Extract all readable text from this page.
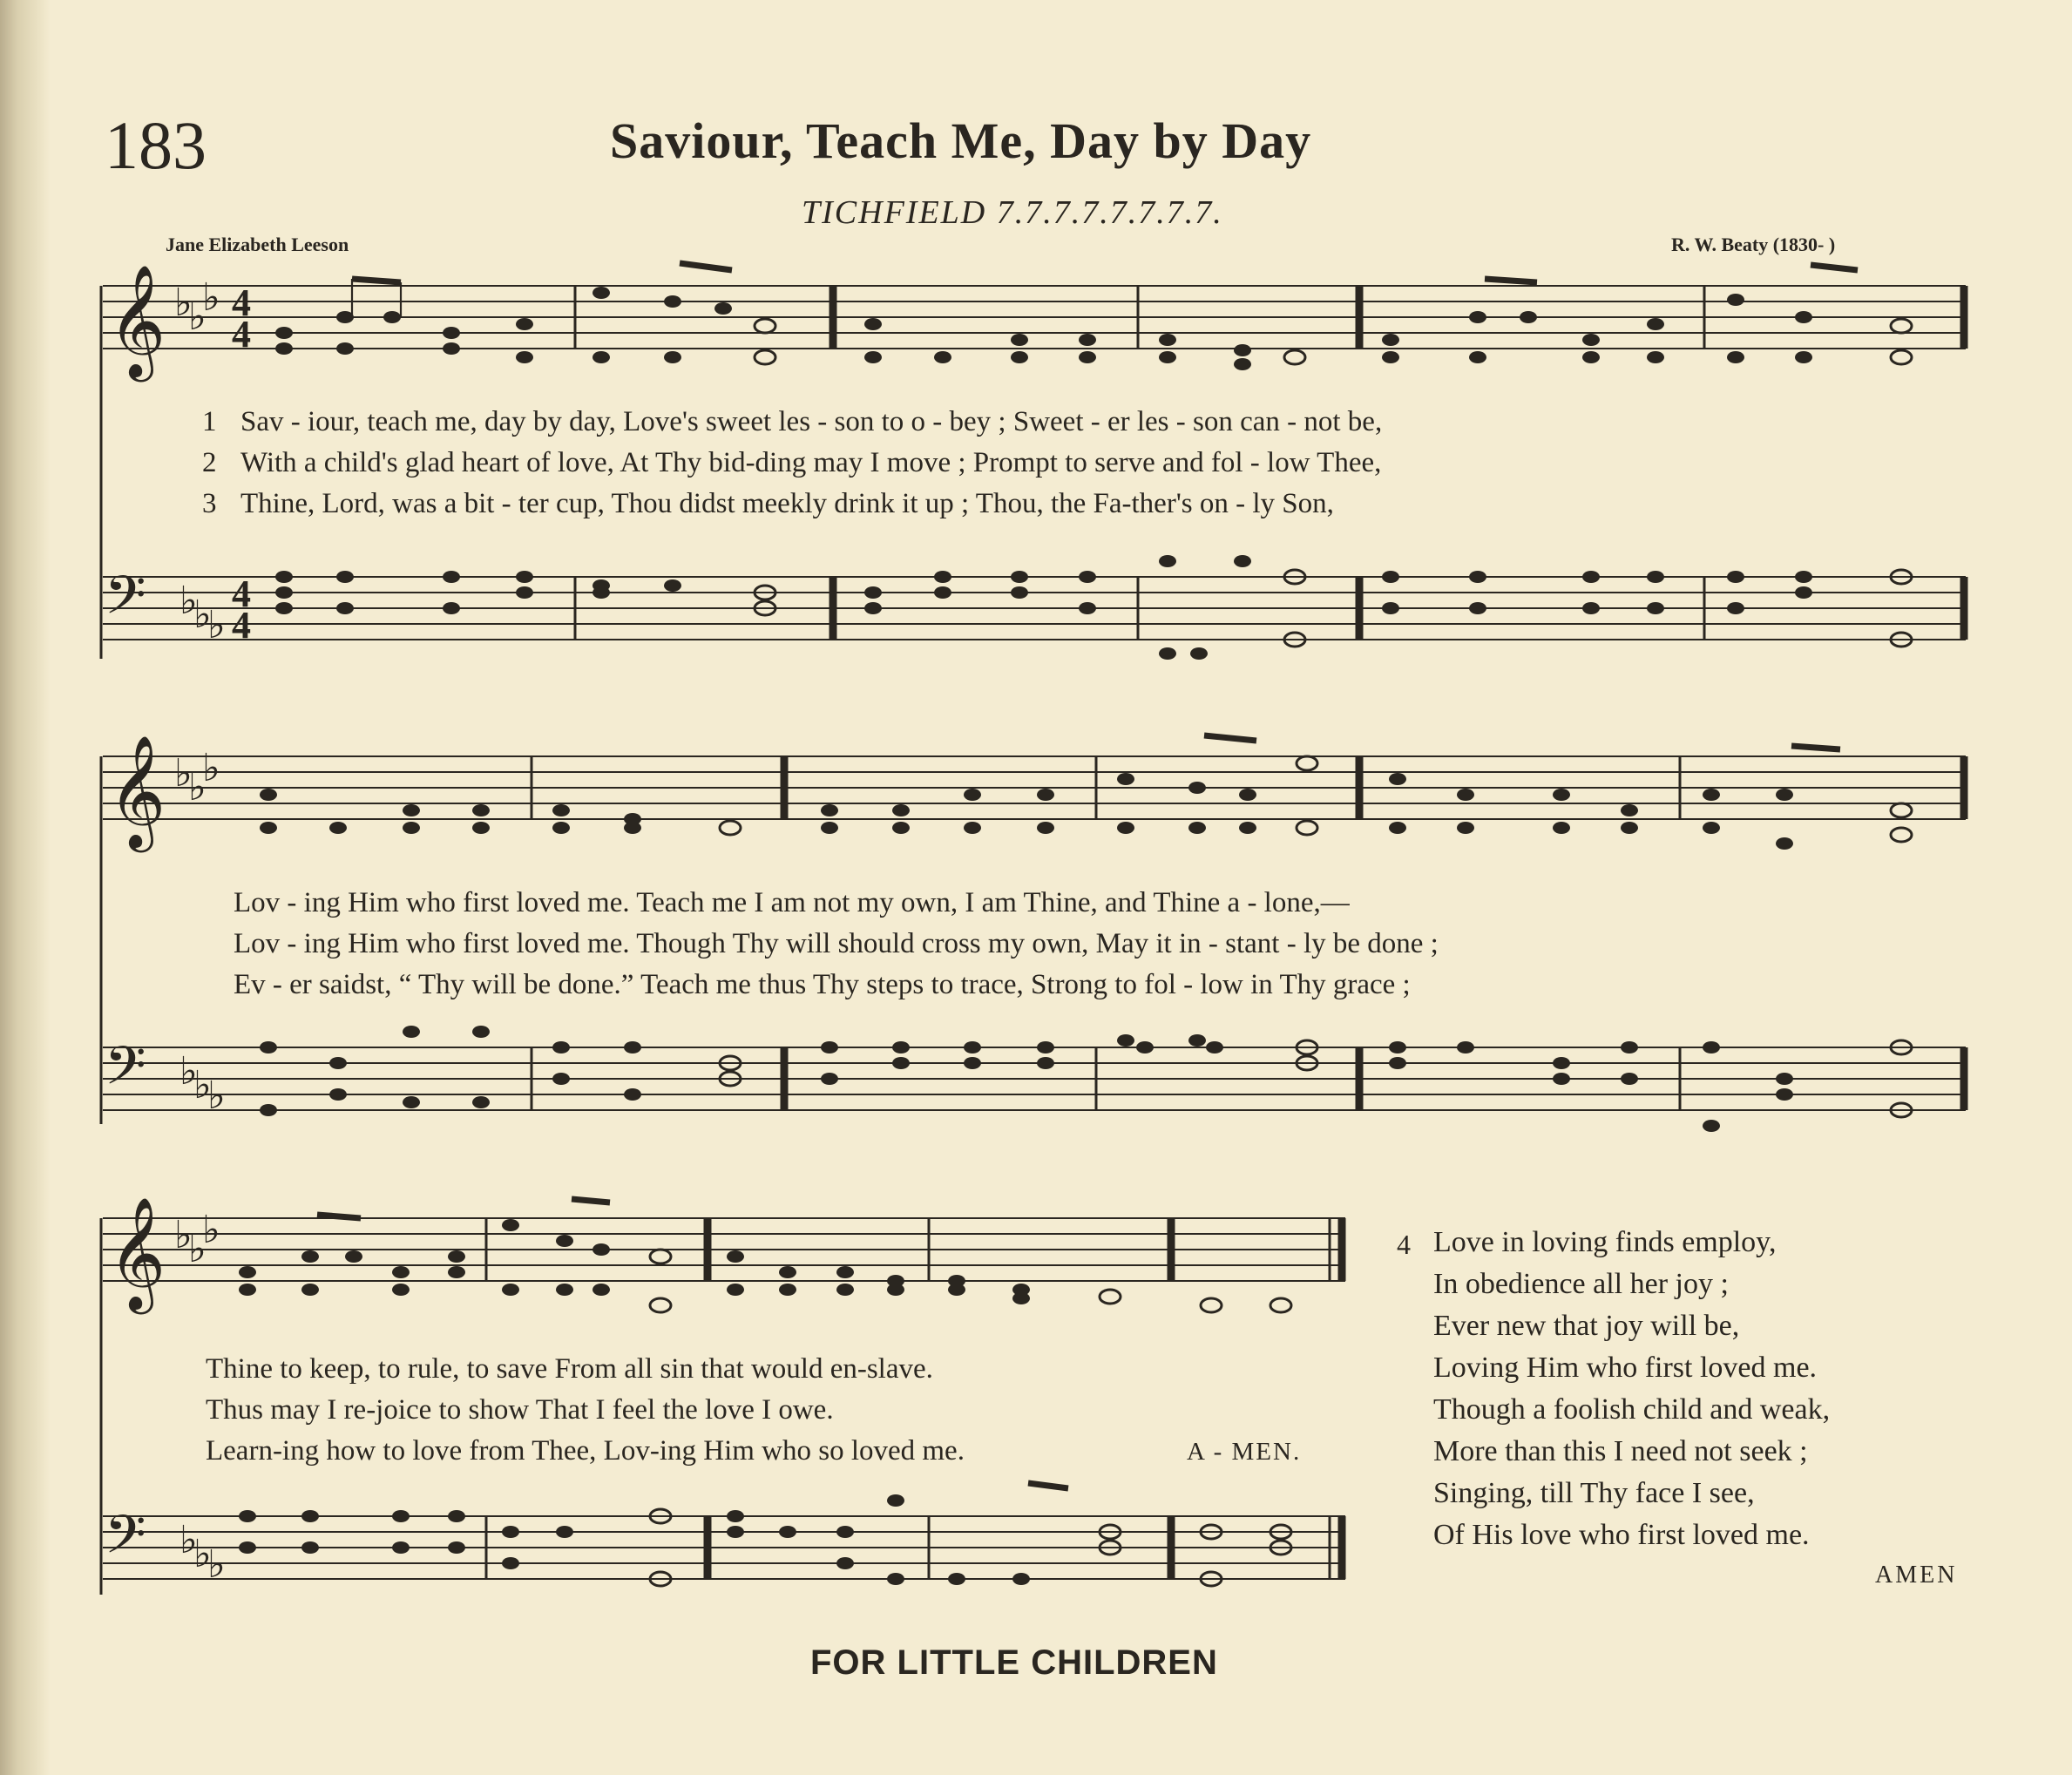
183	Saviour, Teach Me, Day by Day
TICHFIELD 7.7.7.7.7.7.7.7.
Jane Elizabeth Leeson	R. W. Beaty (1830- )
𝄞 ♭
♭
♭ 4
4
𝄢 ♭
♭
♭
4
4
1
2
3
Sav - iour, teach me, day by day, Love's sweet les - son to o - bey ; Sweet - er les - son can - not be,
With a child's glad heart of love, At Thy bid-ding may I move ; Prompt to serve and fol - low Thee,
Thine, Lord, was a bit - ter cup, Thou didst meekly drink it up ; Thou, the Fa-ther's on - ly Son,
𝄞 ♭
♭
♭
𝄢 ♭
♭
♭
Lov - ing Him who first loved me. Teach me I am not my own, I am Thine, and Thine a - lone,—
Lov - ing Him who first loved me. Though Thy will should cross my own, May it in - stant - ly be done ;
Ev - er saidst, “ Thy will be done.” Teach me thus Thy steps to trace, Strong to fol - low in Thy grace ;
𝄞 ♭
♭
♭
𝄢 ♭
♭
♭
Thine to keep, to rule, to save From all sin that would en-slave.
Thus may I re-joice to show That I feel the love I owe.
Learn-ing how to love from Thee, Lov-ing Him who so loved me.	A - MEN.
4 Love in loving finds employ,
In obedience all her joy ;
Ever new that joy will be,
Loving Him who first loved me.
Though a foolish child and weak,
More than this I need not seek ;
Singing, till Thy face I see,
Of His love who first loved me.
AMEN
FOR LITTLE CHILDREN
